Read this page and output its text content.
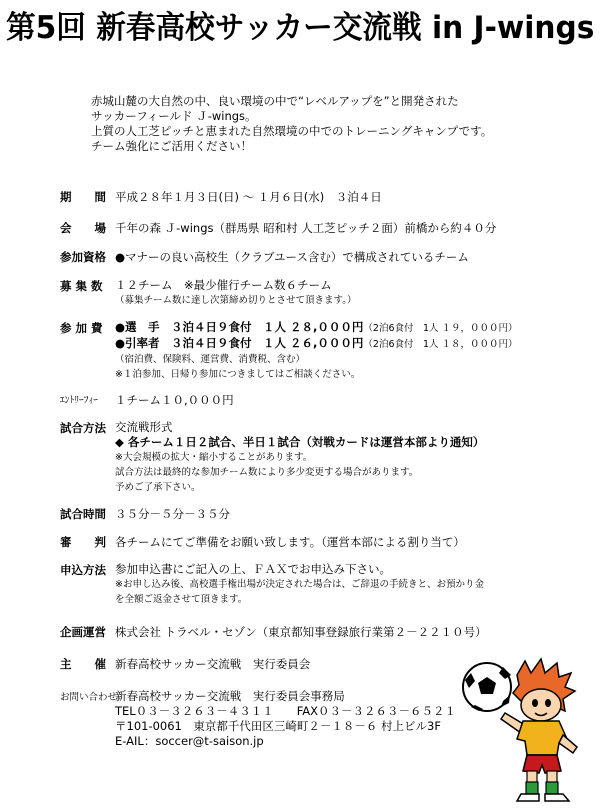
第5回 新春高校サッカー交流戦 in J-wings
赤城山麓の大自然の中、良い環境の中で“レベルアップを”と開発された
サッカーフィールド Ｊ-wings。
上質の人工芝ピッチと恵まれた自然環境の中でのトレーニングキャンプです。
チーム強化にご活用ください！
期　　間 平成２８年１月３日(日) ～ １月６日(水)　３泊４日
会　　場 千年の森 Ｊ-wings（群馬県 昭和村 人工芝ピッチ２面）前橋から約４０分
参加資格 ●マナーの良い高校生（クラブユース含む）で構成されているチーム
募 集 数 １２チーム　※最少催行チーム数６チーム
（募集チーム数に達し次第締め切りとさせて頂きます。）
参 加 費 ●選　手　３泊４日９食付　１人 ２８,０００円（2泊6食付　1人 １９，０００円）
●引率者　３泊４日９食付　１人 ２６,０００円（2泊6食付　1人 １８，０００円）
（宿泊費、保険料、運営費、消費税、含む）
※１泊参加、日帰り参加につきましてはご相談ください。
ｴﾝﾄﾘｰﾌｨｰ １チーム１０,０００円
試合方法 交流戦形式
◆ 各チーム１日２試合、半日１試合（対戦カードは運営本部より通知）
※大会規模の拡大・縮小することがあります。
試合方法は最終的な参加チーム数により多少変更する場合があります。
予めご了承下さい。
試合時間 ３５分－５分－３５分
審　　判 各チームにてご準備をお願い致します。（運営本部による割り当て）
申込方法 参加申込書にご記入の上、ＦＡＸでお申込み下さい。
※お申し込み後、高校選手権出場が決定された場合は、ご辞退の手続きと、お預かり金
を全額ご返金させて頂きます。
企画運営 株式会社 トラベル・セゾン（東京都知事登録旅行業第２－２２１０号）
主　　催 新春高校サッカー交流戦　実行委員会
お問い合わせ
新春高校サッカー交流戦　実行委員会事務局
TEL０３－３２６３－４３１１　　FAX０３－３２６３－６５２１
〒101-0061　東京都千代田区三崎町２－１８－６ 村上ビル3F
E-AIL：soccer@t-saison.jp
